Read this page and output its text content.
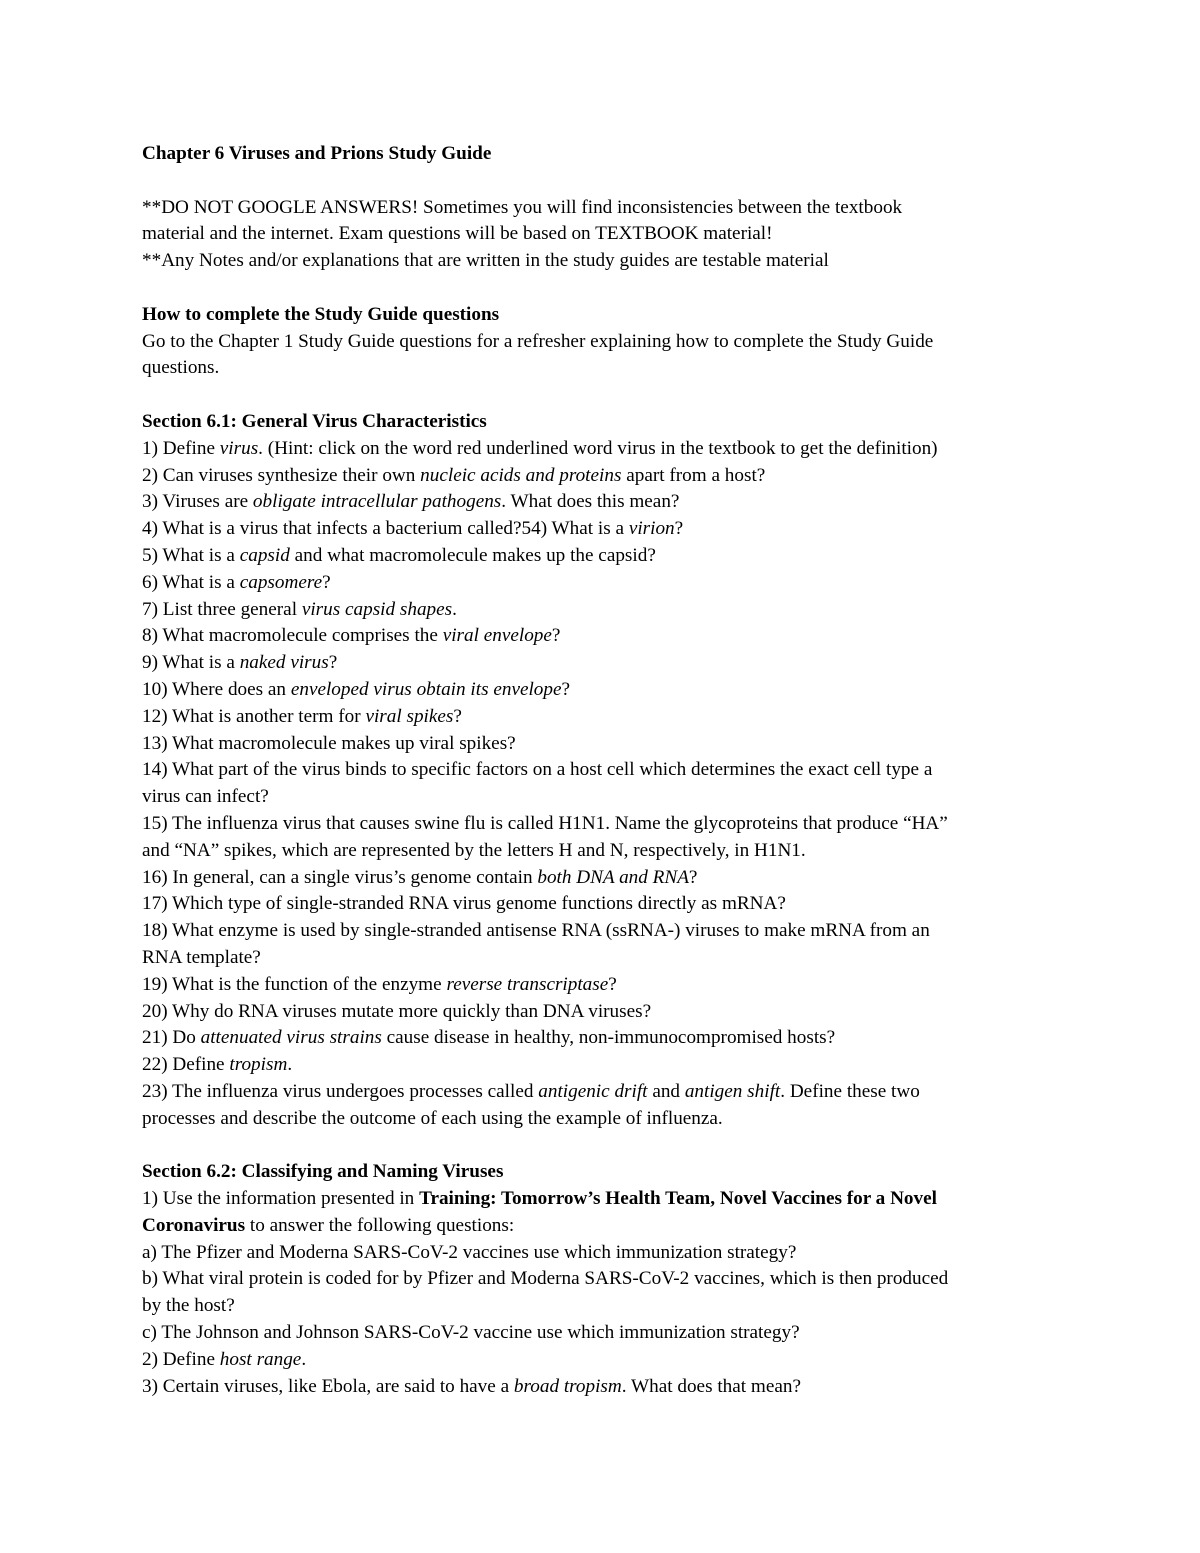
Chapter 6 Viruses and Prions Study Guide

**DO NOT GOOGLE ANSWERS! Sometimes you will find inconsistencies between the textbook

material and the internet. Exam questions will be based on TEXTBOOK material!

**Any Notes and/or explanations that are written in the study guides are testable material

How to complete the Study Guide questions

Go to the Chapter 1 Study Guide questions for a refresher explaining how to complete the Study Guide

questions.

Section 6.1: General Virus Characteristics

1) Define virus. (Hint: click on the word red underlined word virus in the textbook to get the definition)

2) Can viruses synthesize their own nucleic acids and proteins apart from a host?

3) Viruses are obligate intracellular pathogens. What does this mean?

4) What is a virus that infects a bacterium called?54) What is a virion?

5) What is a capsid and what macromolecule makes up the capsid?

6) What is a capsomere?

7) List three general virus capsid shapes.

8) What macromolecule comprises the viral envelope?

9) What is a naked virus?

10) Where does an enveloped virus obtain its envelope?

12) What is another term for viral spikes?

13) What macromolecule makes up viral spikes?

14) What part of the virus binds to specific factors on a host cell which determines the exact cell type a

virus can infect?

15) The influenza virus that causes swine flu is called H1N1. Name the glycoproteins that produce “HA”

and “NA” spikes, which are represented by the letters H and N, respectively, in H1N1.

16) In general, can a single virus’s genome contain both DNA and RNA?

17) Which type of single-stranded RNA virus genome functions directly as mRNA?

18) What enzyme is used by single-stranded antisense RNA (ssRNA-) viruses to make mRNA from an

RNA template?

19) What is the function of the enzyme reverse transcriptase?

20) Why do RNA viruses mutate more quickly than DNA viruses?

21) Do attenuated virus strains cause disease in healthy, non-immunocompromised hosts?

22) Define tropism.

23) The influenza virus undergoes processes called antigenic drift and antigen shift. Define these two

processes and describe the outcome of each using the example of influenza.

Section 6.2: Classifying and Naming Viruses

1) Use the information presented in Training: Tomorrow’s Health Team, Novel Vaccines for a Novel

Coronavirus to answer the following questions:

a) The Pfizer and Moderna SARS-CoV-2 vaccines use which immunization strategy?

b) What viral protein is coded for by Pfizer and Moderna SARS-CoV-2 vaccines, which is then produced

by the host?

c) The Johnson and Johnson SARS-CoV-2 vaccine use which immunization strategy?

2) Define host range.

3) Certain viruses, like Ebola, are said to have a broad tropism. What does that mean?
